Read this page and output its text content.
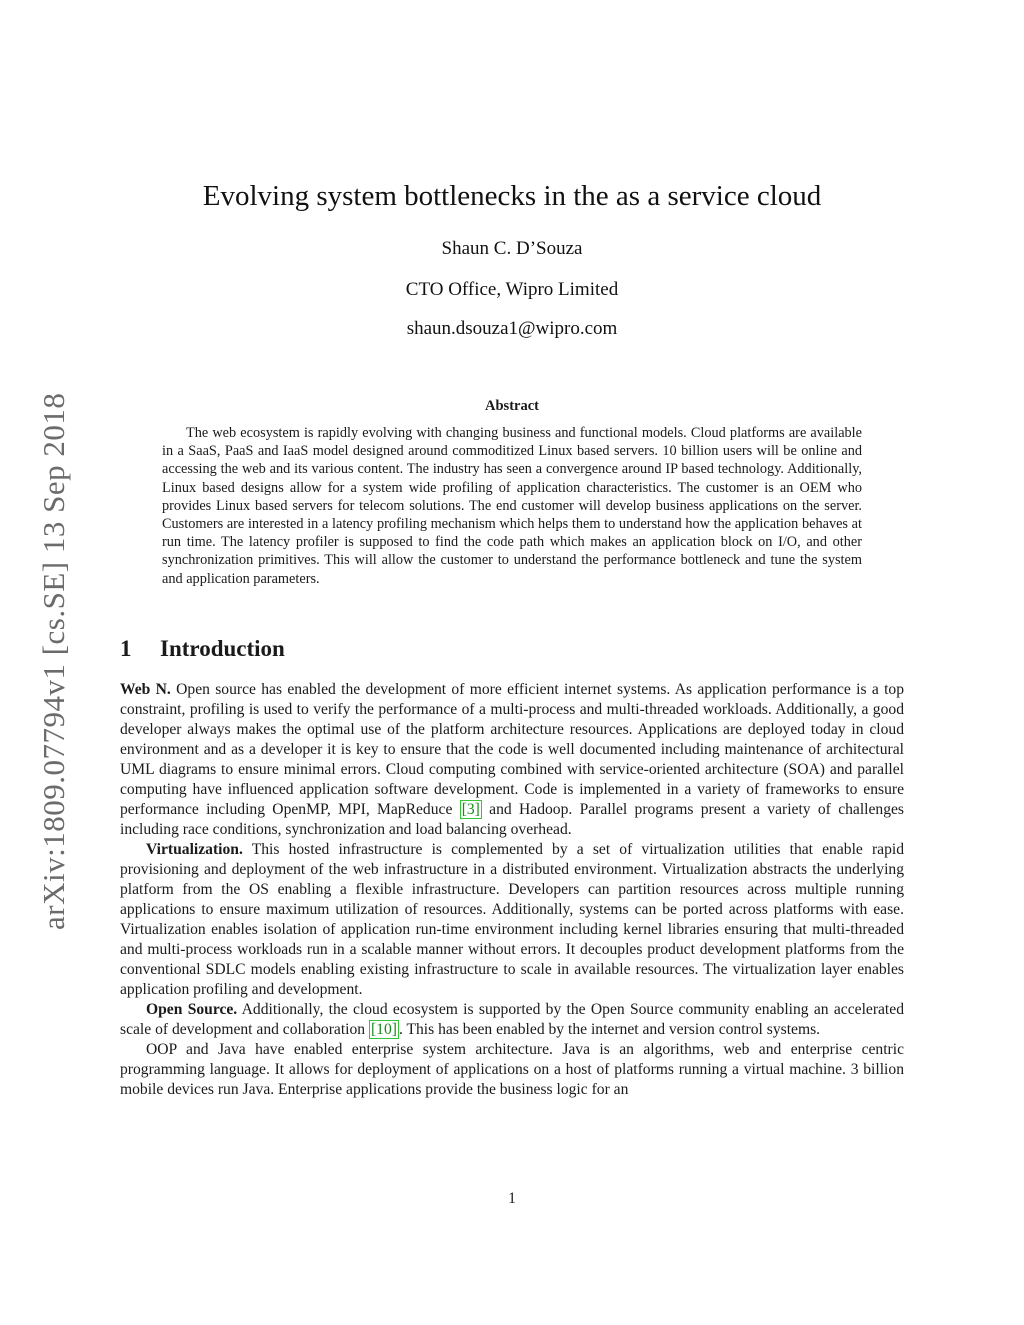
arXiv:1809.07794v1 [cs.SE] 13 Sep 2018
Evolving system bottlenecks in the as a service cloud
Shaun C. D’Souza
CTO Office, Wipro Limited
shaun.dsouza1@wipro.com
Abstract

The web ecosystem is rapidly evolving with changing business and functional models. Cloud platforms are available in a SaaS, PaaS and IaaS model designed around commoditized Linux based servers. 10 billion users will be online and accessing the web and its various content. The industry has seen a convergence around IP based technology. Additionally, Linux based designs allow for a system wide profiling of application characteristics. The customer is an OEM who provides Linux based servers for telecom solutions. The end customer will develop business applications on the server. Customers are interested in a latency profiling mechanism which helps them to understand how the application behaves at run time. The latency profiler is supposed to find the code path which makes an application block on I/O, and other synchronization primitives. This will allow the customer to understand the performance bottleneck and tune the system and application parameters.

1 Introduction

Web N. Open source has enabled the development of more efficient internet systems. As application performance is a top constraint, profiling is used to verify the performance of a multi-process and multi-threaded workloads. Additionally, a good developer always makes the optimal use of the platform architecture resources. Applications are deployed today in cloud environment and as a developer it is key to ensure that the code is well documented including maintenance of architectural UML diagrams to ensure minimal errors. Cloud computing combined with service-oriented architecture (SOA) and parallel computing have influenced application software development. Code is implemented in a variety of frameworks to ensure performance including OpenMP, MPI, MapReduce [3] and Hadoop. Parallel programs present a variety of challenges including race conditions, synchronization and load balancing overhead.

Virtualization. This hosted infrastructure is complemented by a set of virtualization utilities that enable rapid provisioning and deployment of the web infrastructure in a distributed environment. Virtualization abstracts the underlying platform from the OS enabling a flexible infrastructure. Developers can partition resources across multiple running applications to ensure maximum utilization of resources. Additionally, systems can be ported across platforms with ease. Virtualization enables isolation of application run-time environment including kernel libraries ensuring that multi-threaded and multi-process workloads run in a scalable manner without errors. It decouples product development platforms from the conventional SDLC models enabling existing infrastructure to scale in available resources. The virtualization layer enables application profiling and development.

Open Source. Additionally, the cloud ecosystem is supported by the Open Source community enabling an accelerated scale of development and collaboration [10] . This has been enabled by the internet and version control systems.

OOP and Java have enabled enterprise system architecture. Java is an algorithms, web and enterprise centric programming language. It allows for deployment of applications on a host of platforms running a virtual machine. 3 billion mobile devices run Java. Enterprise applications provide the business logic for an

1
